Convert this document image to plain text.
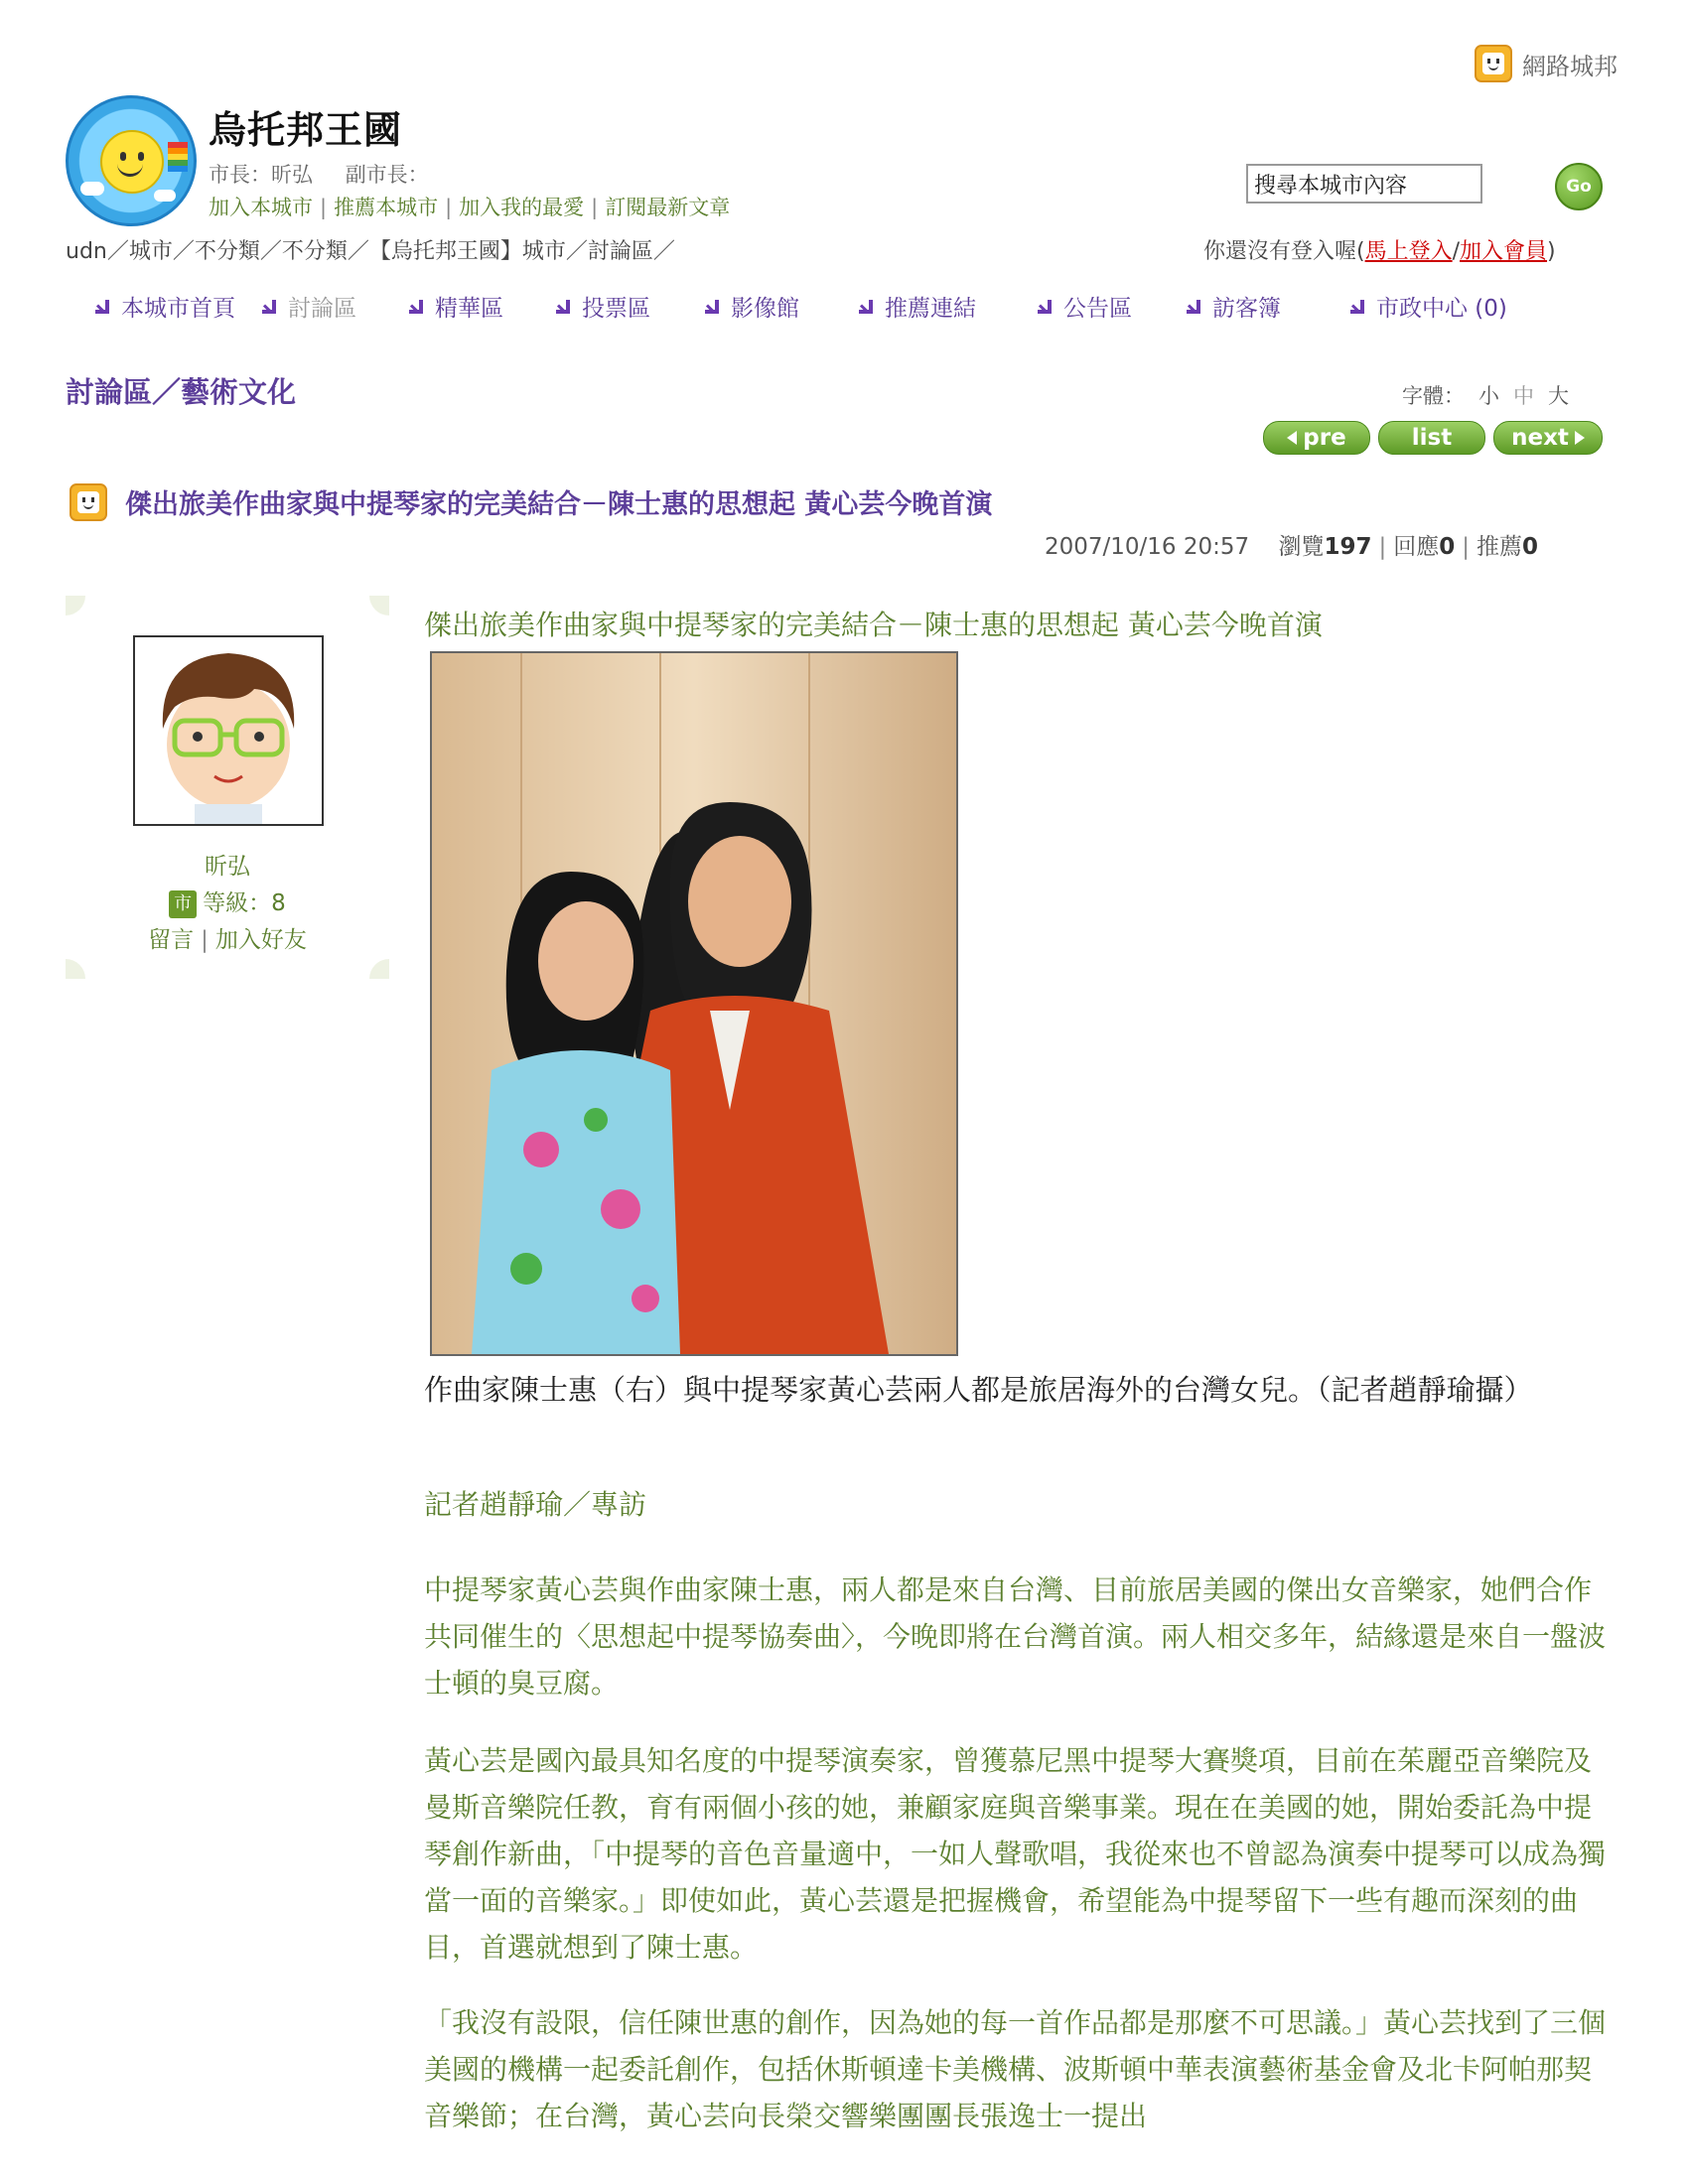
網路城邦
烏托邦王國
市長：昕弘 副市長：
加入本城市 | 推薦本城市 | 加入我的最愛 | 訂閱最新文章
搜尋本城市內容
Go
udn／城市／不分類／不分類／【烏托邦王國】城市／討論區／	你還沒有登入喔(馬上登入/加入會員)
本城市首頁 討論區	精華區	投票區	影像館	推薦連結	公告區	訪客簿	市政中心 (0)
討論區／藝術文化	字體： 小 中 大
pre	list	next
傑出旅美作曲家與中提琴家的完美結合－陳士惠的思想起 黃心芸今晚首演
2007/10/16 20:57 瀏覽197 | 回應0 | 推薦0
昕弘
市 等級：8
留言 | 加入好友
傑出旅美作曲家與中提琴家的完美結合－陳士惠的思想起 黃心芸今晚首演
作曲家陳士惠（右）與中提琴家黃心芸兩人都是旅居海外的台灣女兒。（記者趙靜瑜攝）
記者趙靜瑜／專訪
中提琴家黃心芸與作曲家陳士惠，兩人都是來自台灣、目前旅居美國的傑出女音樂家，她們合作共同催生的〈思想起中提琴協奏曲〉，今晚即將在台灣首演。兩人相交多年，結緣還是來自一盤波士頓的臭豆腐。
黃心芸是國內最具知名度的中提琴演奏家，曾獲慕尼黑中提琴大賽獎項，目前在茱麗亞音樂院及曼斯音樂院任教，育有兩個小孩的她，兼顧家庭與音樂事業。現在在美國的她，開始委託為中提琴創作新曲，「中提琴的音色音量適中，一如人聲歌唱，我從來也不曾認為演奏中提琴可以成為獨當一面的音樂家。」即使如此，黃心芸還是把握機會，希望能為中提琴留下一些有趣而深刻的曲目，首選就想到了陳士惠。
「我沒有設限，信任陳世惠的創作，因為她的每一首作品都是那麼不可思議。」黃心芸找到了三個美國的機構一起委託創作，包括休斯頓達卡美機構、波斯頓中華表演藝術基金會及北卡阿帕那契音樂節；在台灣，黃心芸向長榮交響樂團團長張逸士一提出
